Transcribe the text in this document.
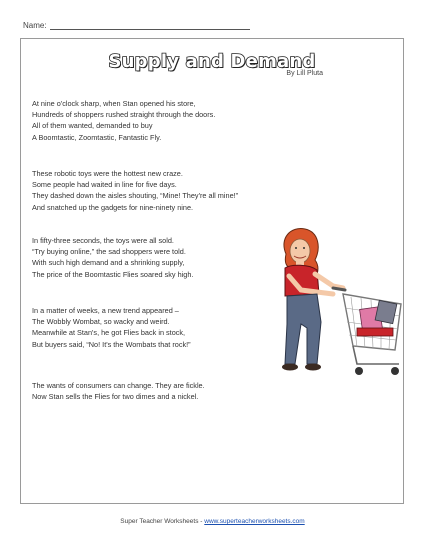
Name:
Supply and Demand
By Lill Pluta
At nine o'clock sharp, when Stan opened his store,
Hundreds of shoppers rushed straight through the doors.
All of them wanted, demanded to buy
A Boomtastic, Zoomtastic, Fantastic Fly.
These robotic toys were the hottest new craze.
Some people had waited in line for five days.
They dashed down the aisles shouting, “Mine! They're all mine!”
And snatched up the gadgets for nine-ninety nine.
In fifty-three seconds, the toys were all sold.
“Try buying online,” the sad shoppers were told.
With such high demand and a shrinking supply,
The price of the Boomtastic Flies soared sky high.
In a matter of weeks, a new trend appeared –
The Wobbly Wombat, so wacky and weird.
Meanwhile at Stan's, he got Flies back in stock,
But buyers said, “No! It's the Wombats that rock!”
The wants of consumers can change. They are fickle.
Now Stan sells the Flies for two dimes and a nickel.
Super Teacher Worksheets - www.superteacherworksheets.com
